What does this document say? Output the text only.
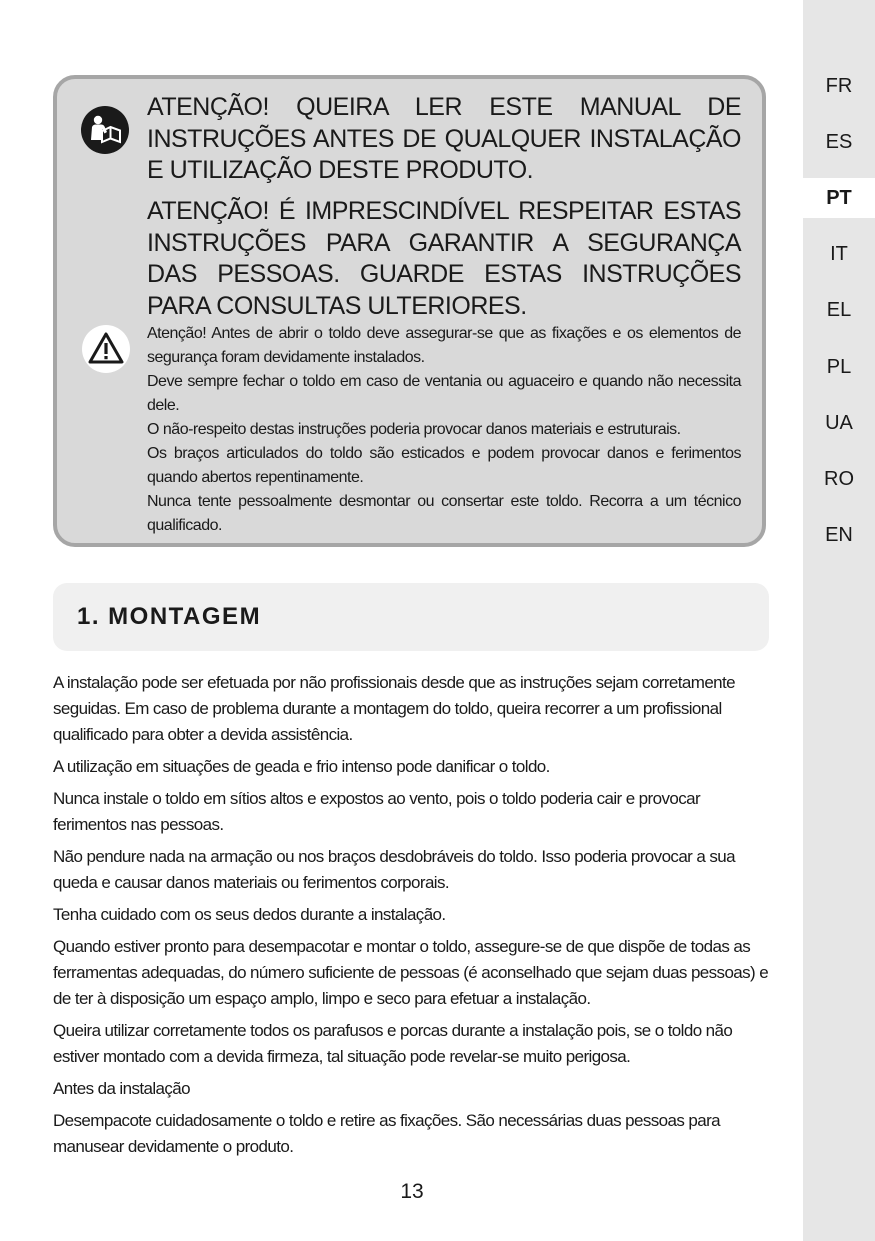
FR
ES
PT
IT
EL
PL
UA
RO
EN

ATENÇÃO! QUEIRA LER ESTE MANUAL DE INSTRUÇÕES ANTES DE QUALQUER INSTALAÇÃO E UTILIZAÇÃO DESTE PRODUTO.

ATENÇÃO! É IMPRESCINDÍVEL RESPEITAR ESTAS INSTRUÇÕES PARA GARANTIR A SEGURANÇA DAS PESSOAS. GUARDE ESTAS INSTRUÇÕES PARA CONSULTAS ULTERIORES.

Atenção! Antes de abrir o toldo deve assegurar-se que as fixações e os elementos de segurança foram devidamente instalados.

Deve sempre fechar o toldo em caso de ventania ou aguaceiro e quando não necessita dele.

O não-respeito destas instruções poderia provocar danos materiais e estruturais.

Os braços articulados do toldo são esticados e podem provocar danos e ferimentos quando abertos repentinamente.

Nunca tente pessoalmente desmontar ou consertar este toldo. Recorra a um técnico qualificado.

1. MONTAGEM

A instalação pode ser efetuada por não profissionais desde que as instruções sejam corretamente seguidas. Em caso de problema durante a montagem do toldo, queira recorrer a um profissional qualificado para obter a devida assistência.

A utilização em situações de geada e frio intenso pode danificar o toldo.

Nunca instale o toldo em sítios altos e expostos ao vento, pois o toldo poderia cair e provocar ferimentos nas pessoas.

Não pendure nada na armação ou nos braços desdobráveis do toldo. Isso poderia provocar a sua queda e causar danos materiais ou ferimentos corporais.

Tenha cuidado com os seus dedos durante a instalação.

Quando estiver pronto para desempacotar e montar o toldo, assegure-se de que dispõe de todas as ferramentas adequadas, do número suficiente de pessoas (é aconselhado que sejam duas pessoas) e de ter à disposição um espaço amplo, limpo e seco para efetuar a instalação.

Queira utilizar corretamente todos os parafusos e porcas durante a instalação pois, se o toldo não estiver montado com a devida firmeza, tal situação pode revelar-se muito perigosa.

Antes da instalação

Desempacote cuidadosamente o toldo e retire as fixações. São necessárias duas pessoas para manusear devidamente o produto.

13
